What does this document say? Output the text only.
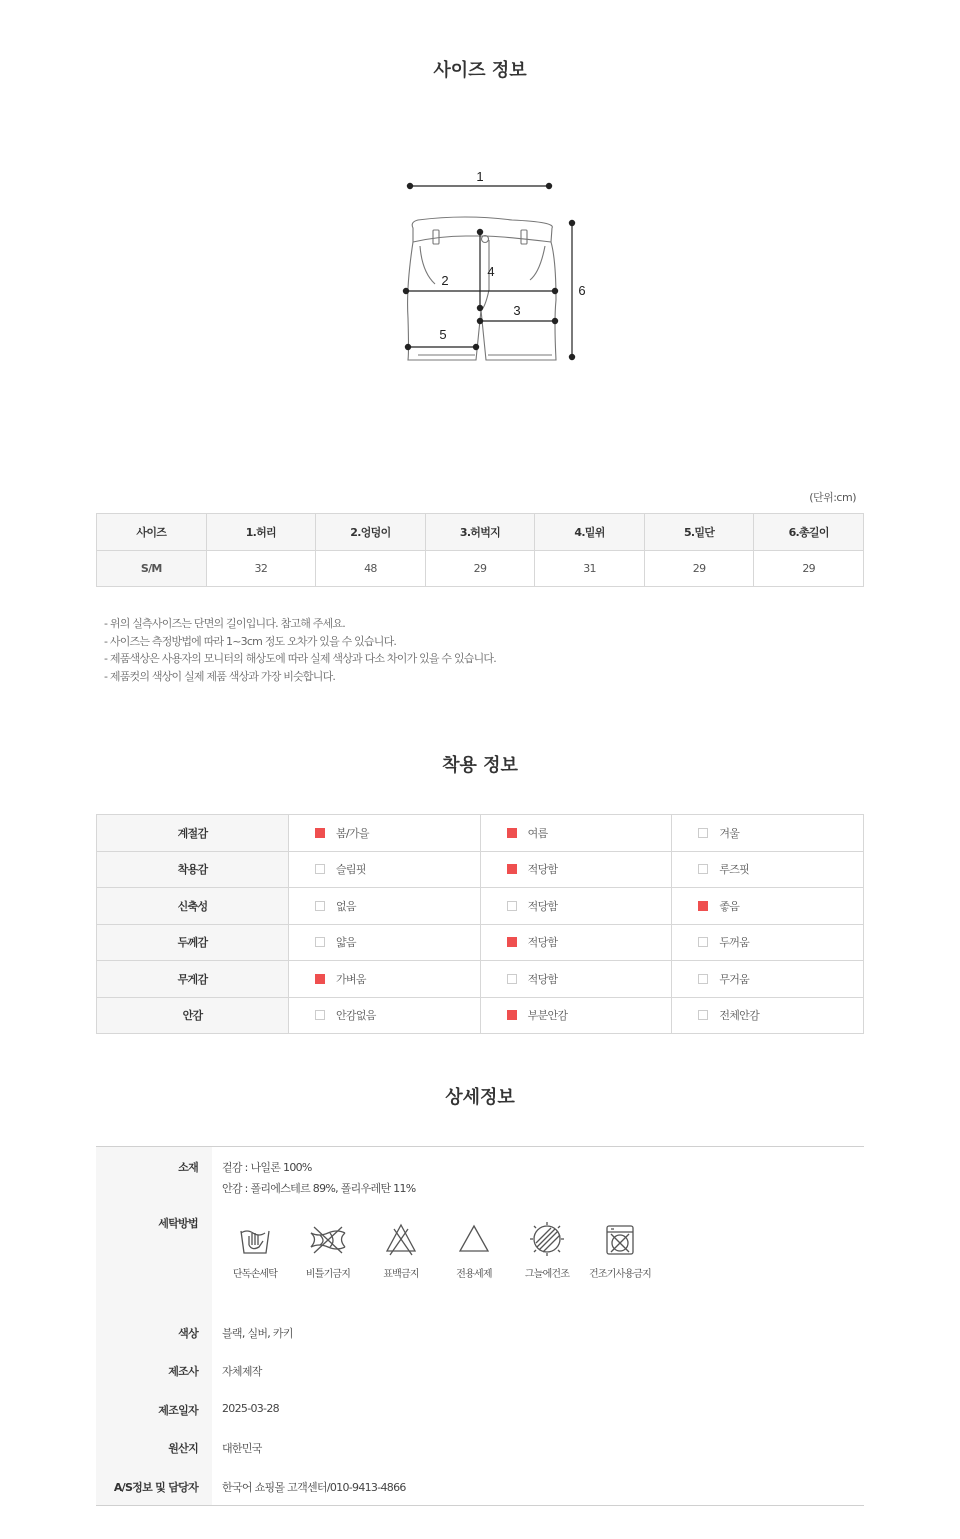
사이즈 정보
1
2
3
4
5
6
(단위:cm)
사이즈	1.허리	2.엉덩이	3.허벅지	4.밑위	5.밑단	6.총길이
S/M	32	48	29	31	29	29
- 위의 실측사이즈는 단면의 길이입니다. 참고해 주세요.
- 사이즈는 측정방법에 따라 1~3cm 정도 오차가 있을 수 있습니다.
- 제품색상은 사용자의 모니터의 해상도에 따라 실제 색상과 다소 차이가 있을 수 있습니다.
- 제품컷의 색상이 실제 제품 색상과 가장 비슷합니다.
착용 정보
계절감	봄/가을	여름	겨울
착용감	슬림핏	적당함	루즈핏
신축성	없음	적당함	좋음
두께감	얇음	적당함	두꺼움
무게감	가벼움	적당함	무거움
안감	안감없음	부분안감	전체안감
상세정보
소재 겉감 : 나일론 100%
안감 : 폴리에스테르 89%, 폴리우레탄 11%
세탁방법
단독손세탁	비틀기금지	표백금지	전용세제	그늘에건조	건조기사용금지
색상 블랙, 실버, 카키
제조사 자체제작
제조일자 2025-03-28
원산지 대한민국
A/S정보 및 담당자 한국어 쇼핑몰 고객센터/010-9413-4866
